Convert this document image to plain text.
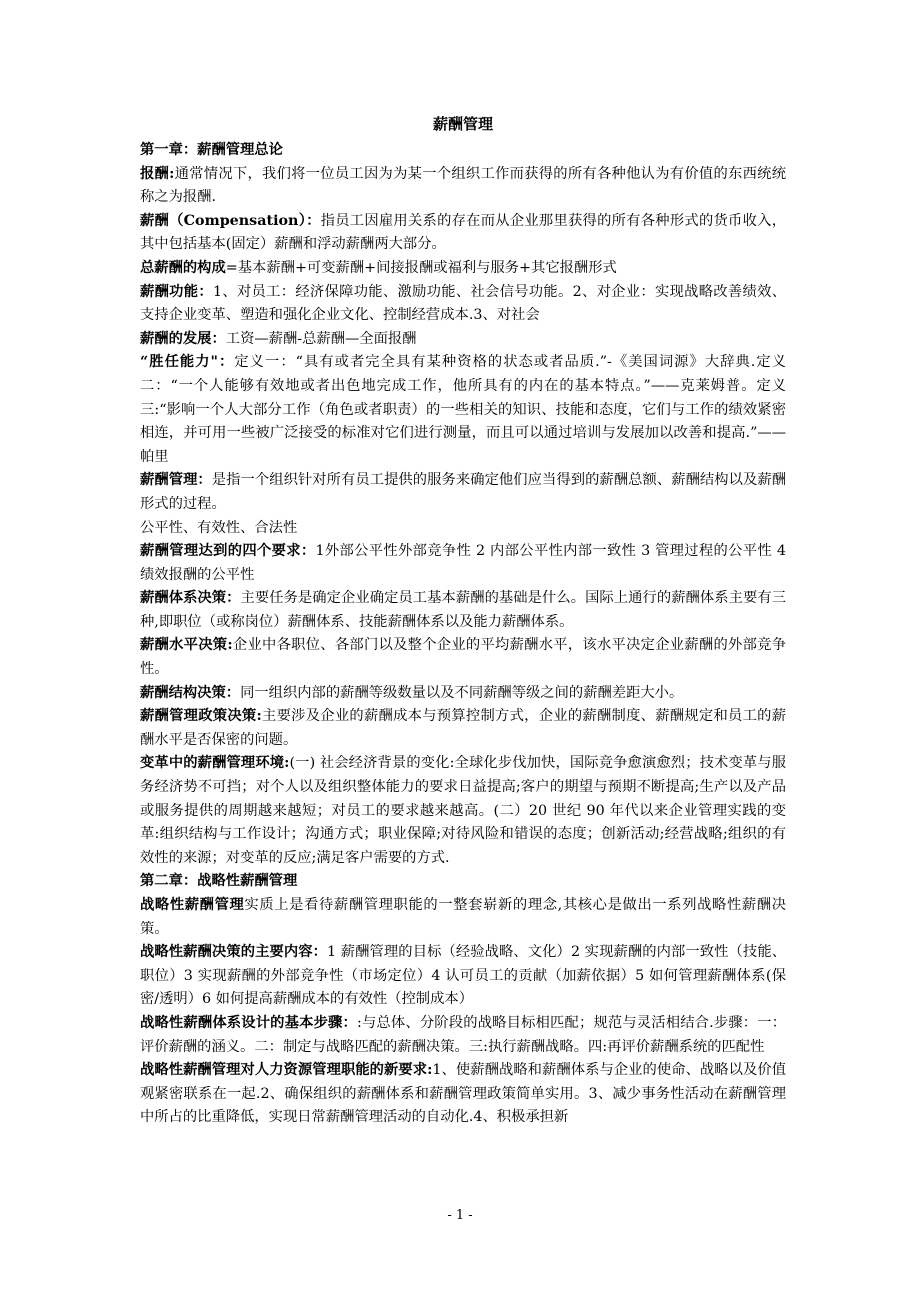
薪酬管理
第一章：薪酬管理总论
报酬:通常情况下，我们将一位员工因为为某一个组织工作而获得的所有各种他认为有价值的东西统统称之为报酬.
薪酬（Compensation）：指员工因雇用关系的存在而从企业那里获得的所有各种形式的货币收入，其中包括基本(固定）薪酬和浮动薪酬两大部分。
总薪酬的构成=基本薪酬+可变薪酬+间接报酬或福利与服务+其它报酬形式
薪酬功能：1、对员工：经济保障功能、激励功能、社会信号功能。2、对企业：实现战略改善绩效、支持企业变革、塑造和强化企业文化、控制经营成本.3、对社会
薪酬的发展：工资—薪酬-总薪酬—全面报酬
“胜任能力"：定义一：“具有或者完全具有某种资格的状态或者品质.”-《美国词源》大辞典.定义二：“一个人能够有效地或者出色地完成工作，他所具有的内在的基本特点。”——克莱姆普。定义三:“影响一个人大部分工作（角色或者职责）的一些相关的知识、技能和态度，它们与工作的绩效紧密相连，并可用一些被广泛接受的标准对它们进行测量，而且可以通过培训与发展加以改善和提高.”——帕里
薪酬管理：是指一个组织针对所有员工提供的服务来确定他们应当得到的薪酬总额、薪酬结构以及薪酬形式的过程。
公平性、有效性、合法性
薪酬管理达到的四个要求：1外部公平性外部竞争性 2 内部公平性内部一致性 3 管理过程的公平性 4 绩效报酬的公平性
薪酬体系决策：主要任务是确定企业确定员工基本薪酬的基础是什么。国际上通行的薪酬体系主要有三种,即职位（或称岗位）薪酬体系、技能薪酬体系以及能力薪酬体系。
薪酬水平决策:企业中各职位、各部门以及整个企业的平均薪酬水平，该水平决定企业薪酬的外部竞争性。
薪酬结构决策：同一组织内部的薪酬等级数量以及不同薪酬等级之间的薪酬差距大小。
薪酬管理政策决策:主要涉及企业的薪酬成本与预算控制方式，企业的薪酬制度、薪酬规定和员工的薪酬水平是否保密的问题。
变革中的薪酬管理环境:(一) 社会经济背景的变化:全球化步伐加快，国际竞争愈演愈烈；技术变革与服务经济势不可挡；对个人以及组织整体能力的要求日益提高;客户的期望与预期不断提高;生产以及产品或服务提供的周期越来越短；对员工的要求越来越高。(二）20 世纪 90 年代以来企业管理实践的变革:组织结构与工作设计；沟通方式；职业保障;对待风险和错误的态度；创新活动;经营战略;组织的有效性的来源；对变革的反应;满足客户需要的方式.
第二章：战略性薪酬管理
战略性薪酬管理实质上是看待薪酬管理职能的一整套崭新的理念,其核心是做出一系列战略性薪酬决策。
战略性薪酬决策的主要内容：1 薪酬管理的目标（经验战略、文化）2 实现薪酬的内部一致性（技能、职位）3 实现薪酬的外部竞争性（市场定位）4 认可员工的贡献（加薪依据）5 如何管理薪酬体系(保密/透明）6 如何提高薪酬成本的有效性（控制成本）
战略性薪酬体系设计的基本步骤：:与总体、分阶段的战略目标相匹配；规范与灵活相结合.步骤：一：评价薪酬的涵义。二：制定与战略匹配的薪酬决策。三:执行薪酬战略。四:再评价薪酬系统的匹配性
战略性薪酬管理对人力资源管理职能的新要求:1、使薪酬战略和薪酬体系与企业的使命、战略以及价值观紧密联系在一起.2、确保组织的薪酬体系和薪酬管理政策简单实用。3、减少事务性活动在薪酬管理中所占的比重降低，实现日常薪酬管理活动的自动化.4、积极承担新
- 1 -
